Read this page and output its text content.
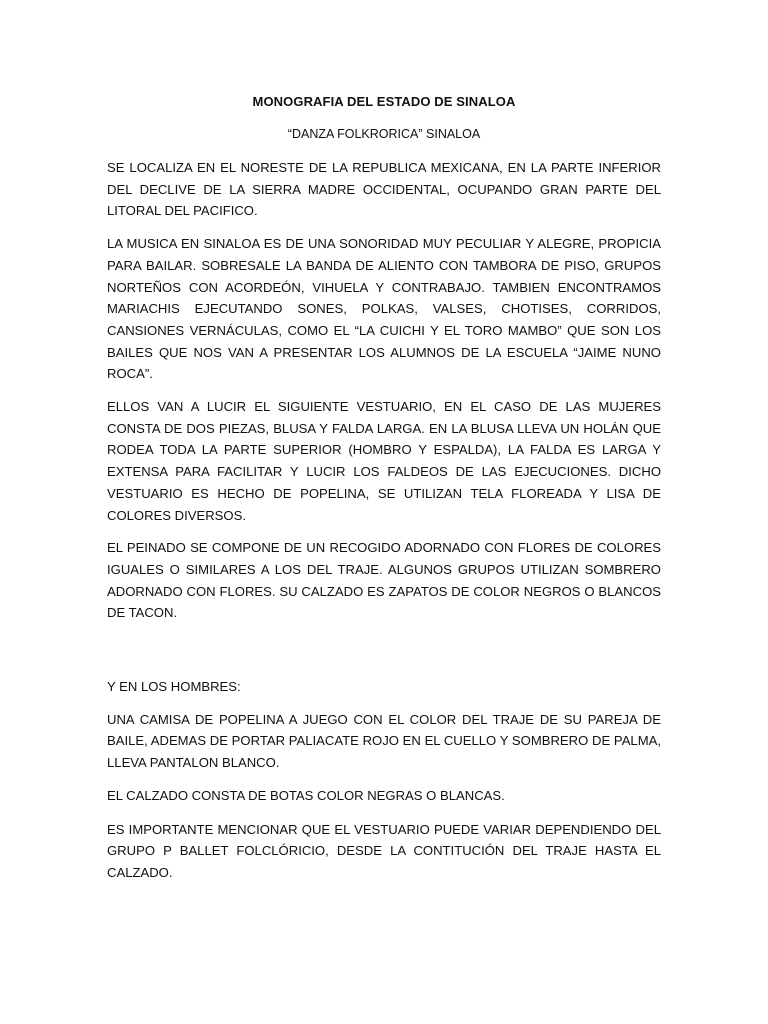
MONOGRAFIA DEL ESTADO DE SINALOA

“DANZA FOLKRORICA” SINALOA

SE LOCALIZA EN EL NORESTE DE LA REPUBLICA MEXICANA, EN LA PARTE INFERIOR DEL DECLIVE DE LA SIERRA MADRE OCCIDENTAL, OCUPANDO GRAN PARTE DEL LITORAL DEL PACIFICO.

LA MUSICA EN SINALOA ES DE UNA SONORIDAD MUY PECULIAR Y ALEGRE, PROPICIA PARA BAILAR. SOBRESALE LA BANDA DE ALIENTO CON TAMBORA DE PISO, GRUPOS NORTEÑOS CON ACORDEÓN, VIHUELA Y CONTRABAJO. TAMBIEN ENCONTRAMOS MARIACHIS EJECUTANDO SONES, POLKAS, VALSES, CHOTISES, CORRIDOS, CANSIONES VERNÁCULAS, COMO EL “LA CUICHI Y EL TORO MAMBO” QUE SON LOS BAILES QUE NOS VAN A PRESENTAR LOS ALUMNOS DE LA ESCUELA “JAIME NUNO ROCA”.

ELLOS VAN A LUCIR EL SIGUIENTE VESTUARIO, EN EL CASO DE LAS MUJERES CONSTA DE DOS PIEZAS, BLUSA Y FALDA LARGA. EN LA BLUSA LLEVA UN HOLÁN QUE RODEA TODA LA PARTE SUPERIOR (HOMBRO Y ESPALDA), LA FALDA ES LARGA Y EXTENSA PARA FACILITAR Y LUCIR LOS FALDEOS DE LAS EJECUCIONES. DICHO VESTUARIO ES HECHO DE POPELINA, SE UTILIZAN TELA FLOREADA Y LISA DE COLORES DIVERSOS.

EL PEINADO SE COMPONE DE UN RECOGIDO ADORNADO CON FLORES DE COLORES IGUALES O SIMILARES A LOS DEL TRAJE. ALGUNOS GRUPOS UTILIZAN SOMBRERO ADORNADO CON FLORES. SU CALZADO ES ZAPATOS DE COLOR NEGROS O BLANCOS DE TACON.

Y EN LOS HOMBRES:

UNA CAMISA DE POPELINA A JUEGO CON EL COLOR DEL TRAJE DE SU PAREJA DE BAILE, ADEMAS DE PORTAR PALIACATE ROJO EN EL CUELLO Y SOMBRERO DE PALMA, LLEVA PANTALON BLANCO.

EL CALZADO CONSTA DE BOTAS COLOR NEGRAS O BLANCAS.

ES IMPORTANTE MENCIONAR QUE EL VESTUARIO PUEDE VARIAR DEPENDIENDO DEL GRUPO P BALLET FOLCLÓRICIO, DESDE LA CONTITUCIÓN DEL TRAJE HASTA EL CALZADO.
